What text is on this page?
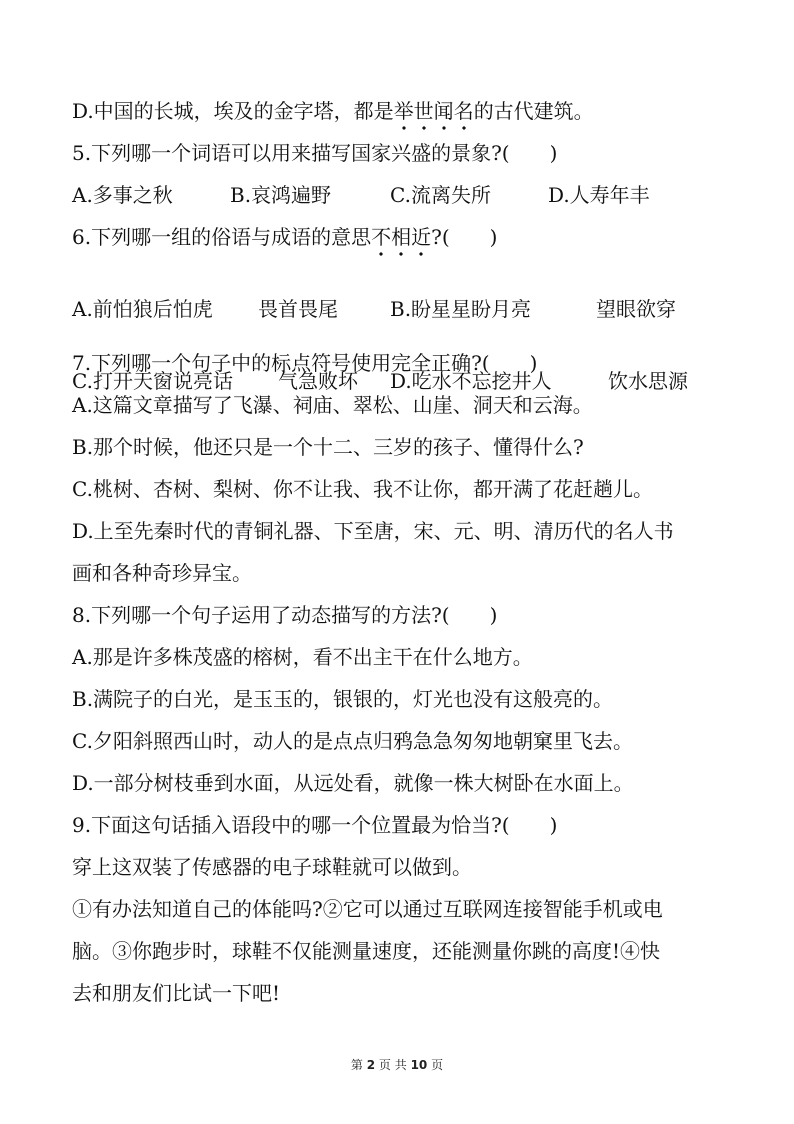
D.中国的长城，埃及的金字塔，都是举世闻名的古代建筑。

5.下列哪一个词语可以用来描写国家兴盛的景象?(　　)

A.多事之秋	B.哀鸿遍野	C.流离失所	D.人寿年丰

6.下列哪一组的俗语与成语的意思不相近?(　　)

A.前怕狼后怕虎 畏首畏尾	B.盼星星盼月亮	望眼欲穿
C.打开天窗说亮话 气急败坏 D.吃水不忘挖井人	饮水思源

7.下列哪一个句子中的标点符号使用完全正确?(　　)

A.这篇文章描写了飞瀑、祠庙、翠松、山崖、洞天和云海。

B.那个时候，他还只是一个十二、三岁的孩子、懂得什么?

C.桃树、杏树、梨树、你不让我、我不让你，都开满了花赶趟儿。

D.上至先秦时代的青铜礼器、下至唐，宋、元、明、清历代的名人书

画和各种奇珍异宝。

8.下列哪一个句子运用了动态描写的方法?(　　)

A.那是许多株茂盛的榕树，看不出主干在什么地方。

B.满院子的白光，是玉玉的，银银的，灯光也没有这般亮的。

C.夕阳斜照西山时，动人的是点点归鸦急急匆匆地朝窠里飞去。

D.一部分树枝垂到水面，从远处看，就像一株大树卧在水面上。

9.下面这句话插入语段中的哪一个位置最为恰当?(　　)

穿上这双装了传感器的电子球鞋就可以做到。

①有办法知道自己的体能吗?②它可以通过互联网连接智能手机或电

脑。③你跑步时，球鞋不仅能测量速度，还能测量你跳的高度!④快

去和朋友们比试一下吧!

第 2 页 共 10 页
